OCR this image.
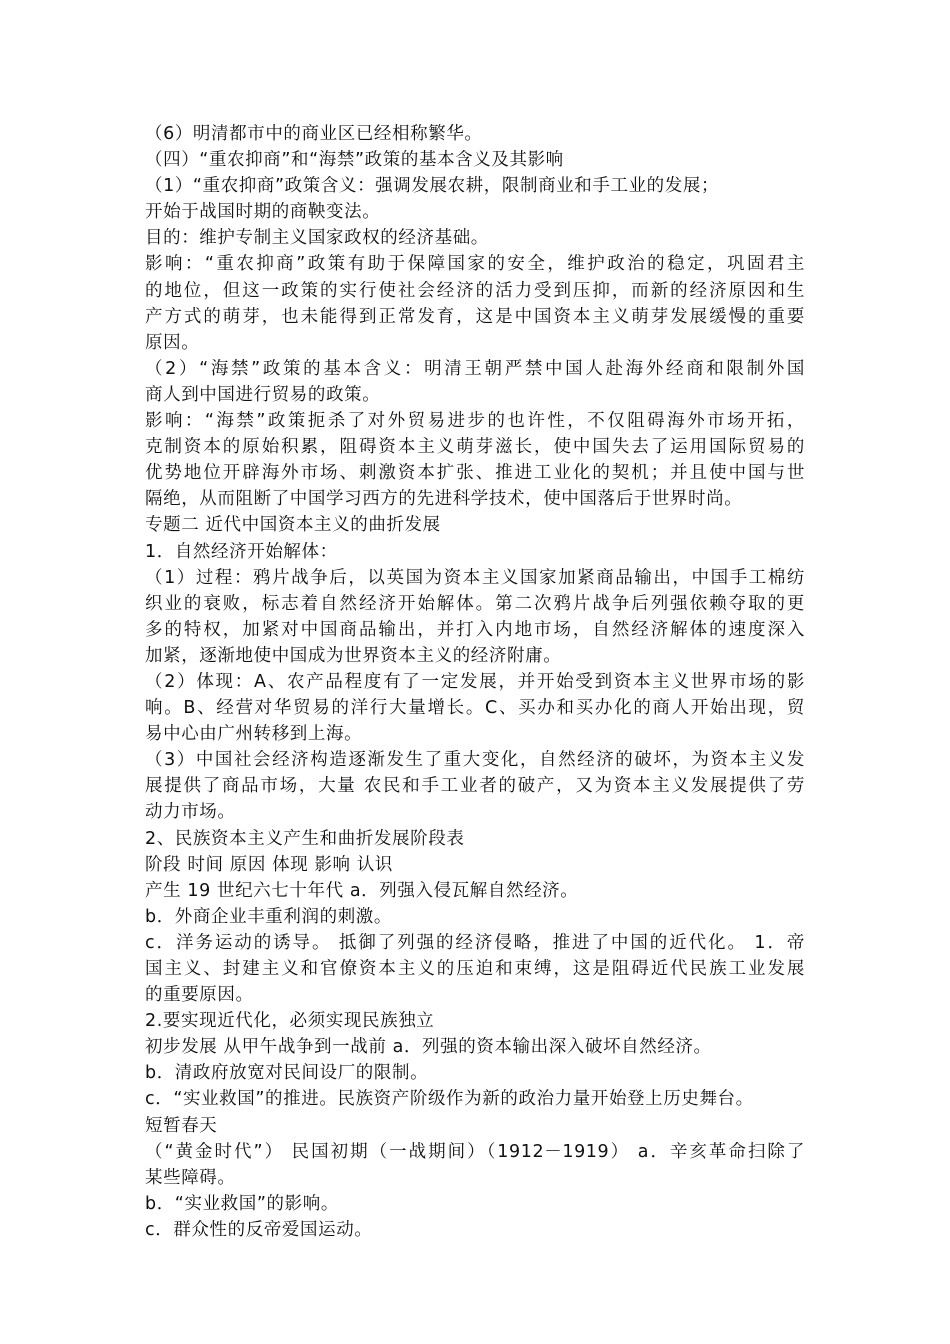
（6）明清都市中的商业区已经相称繁华。
（四）“重农抑商”和“海禁”政策的基本含义及其影响
（1）“重农抑商”政策含义：强调发展农耕，限制商业和手工业的发展；
开始于战国时期的商鞅变法。
目的：维护专制主义国家政权的经济基础。
影响：“重农抑商”政策有助于保障国家的安全，维护政治的稳定，巩固君主
的地位，但这一政策的实行使社会经济的活力受到压抑，而新的经济原因和生
产方式的萌芽，也未能得到正常发育，这是中国资本主义萌芽发展缓慢的重要
原因。
（2）“海禁”政策的基本含义：明清王朝严禁中国人赴海外经商和限制外国
商人到中国进行贸易的政策。
影响：“海禁”政策扼杀了对外贸易进步的也许性，不仅阻碍海外市场开拓，
克制资本的原始积累，阻碍资本主义萌芽滋长，使中国失去了运用国际贸易的
优势地位开辟海外市场、刺激资本扩张、推进工业化的契机；并且使中国与世
隔绝，从而阻断了中国学习西方的先进科学技术，使中国落后于世界时尚。
专题二 近代中国资本主义的曲折发展
1．自然经济开始解体：
（1）过程：鸦片战争后，以英国为资本主义国家加紧商品输出，中国手工棉纺
织业的衰败，标志着自然经济开始解体。第二次鸦片战争后列强依赖夺取的更
多的特权，加紧对中国商品输出，并打入内地市场，自然经济解体的速度深入
加紧，逐渐地使中国成为世界资本主义的经济附庸。
（2）体现：A、农产品程度有了一定发展，并开始受到资本主义世界市场的影
响。B、经营对华贸易的洋行大量增长。C、买办和买办化的商人开始出现，贸
易中心由广州转移到上海。
（3）中国社会经济构造逐渐发生了重大变化，自然经济的破坏，为资本主义发
展提供了商品市场，大量 农民和手工业者的破产，又为资本主义发展提供了劳
动力市场。
2、民族资本主义产生和曲折发展阶段表
阶段 时间 原因 体现 影响 认识
产生 19 世纪六七十年代 a．列强入侵瓦解自然经济。
b．外商企业丰重利润的刺激。
c．洋务运动的诱导。 抵御了列强的经济侵略，推进了中国的近代化。 1．帝
国主义、封建主义和官僚资本主义的压迫和束缚，这是阻碍近代民族工业发展
的重要原因。
2.要实现近代化，必须实现民族独立
初步发展 从甲午战争到一战前 a．列强的资本输出深入破坏自然经济。
b．清政府放宽对民间设厂的限制。
c．“实业救国”的推进。民族资产阶级作为新的政治力量开始登上历史舞台。
短暂春天
（“黄金时代”） 民国初期（一战期间）（1912－1919） a．辛亥革命扫除了
某些障碍。
b．“实业救国”的影响。
c．群众性的反帝爱国运动。
